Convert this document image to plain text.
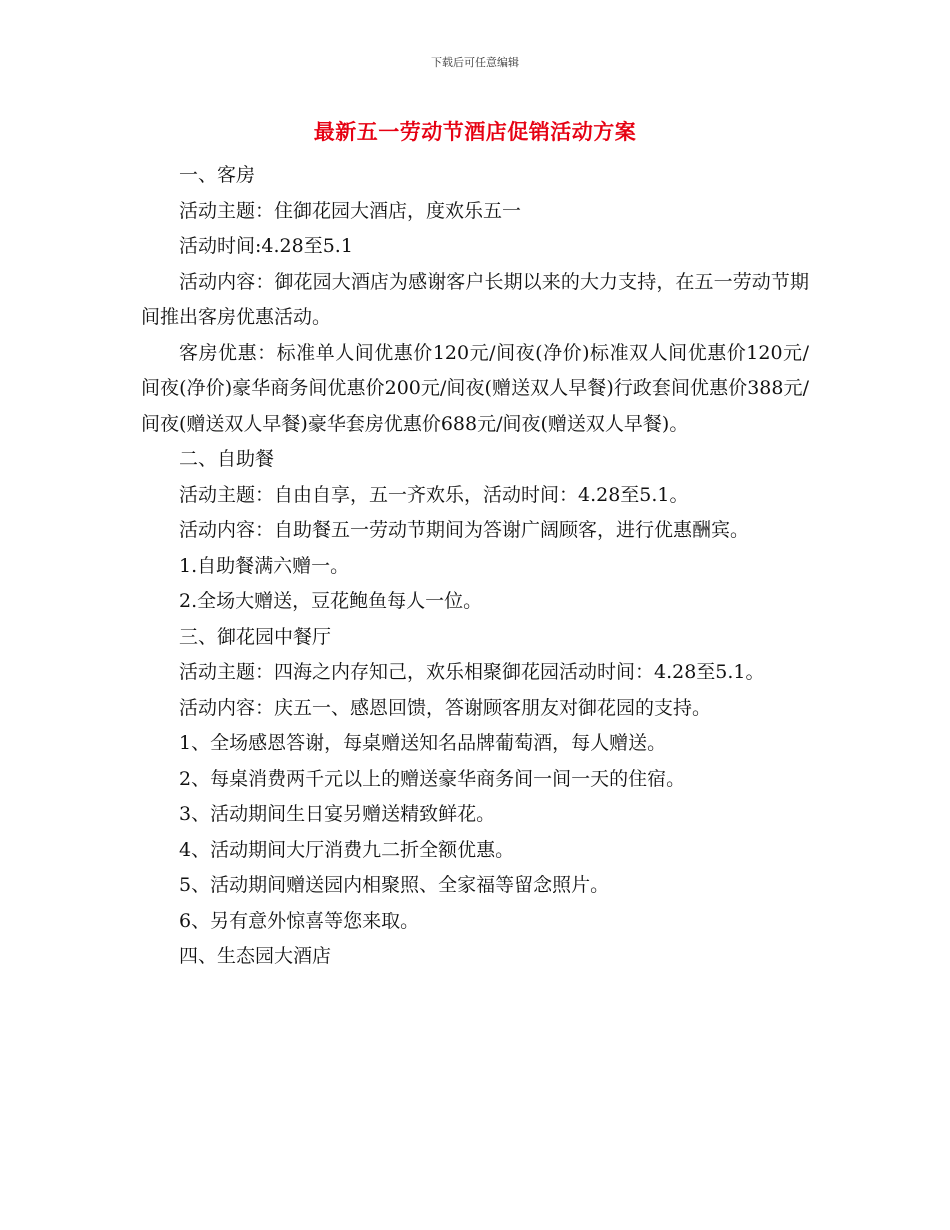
下载后可任意编辑
最新五一劳动节酒店促销活动方案

一、客房

活动主题：住御花园大酒店，度欢乐五一

活动时间:4.28至5.1

活动内容：御花园大酒店为感谢客户长期以来的大力支持，在五一劳动节期间推出客房优惠活动。

客房优惠：标准单人间优惠价120元/间夜(净价)标准双人间优惠价120元/间夜(净价)豪华商务间优惠价200元/间夜(赠送双人早餐)行政套间优惠价388元/间夜(赠送双人早餐)豪华套房优惠价688元/间夜(赠送双人早餐)。

二、自助餐

活动主题：自由自享，五一齐欢乐，活动时间：4.28至5.1。

活动内容：自助餐五一劳动节期间为答谢广阔顾客，进行优惠酬宾。

1.自助餐满六赠一。

2.全场大赠送，豆花鲍鱼每人一位。

三、御花园中餐厅

活动主题：四海之内存知己，欢乐相聚御花园活动时间：4.28至5.1。

活动内容：庆五一、感恩回馈，答谢顾客朋友对御花园的支持。

1、全场感恩答谢，每桌赠送知名品牌葡萄酒，每人赠送。

2、每桌消费两千元以上的赠送豪华商务间一间一天的住宿。

3、活动期间生日宴另赠送精致鲜花。

4、活动期间大厅消费九二折全额优惠。

5、活动期间赠送园内相聚照、全家福等留念照片。

6、另有意外惊喜等您来取。

四、生态园大酒店
